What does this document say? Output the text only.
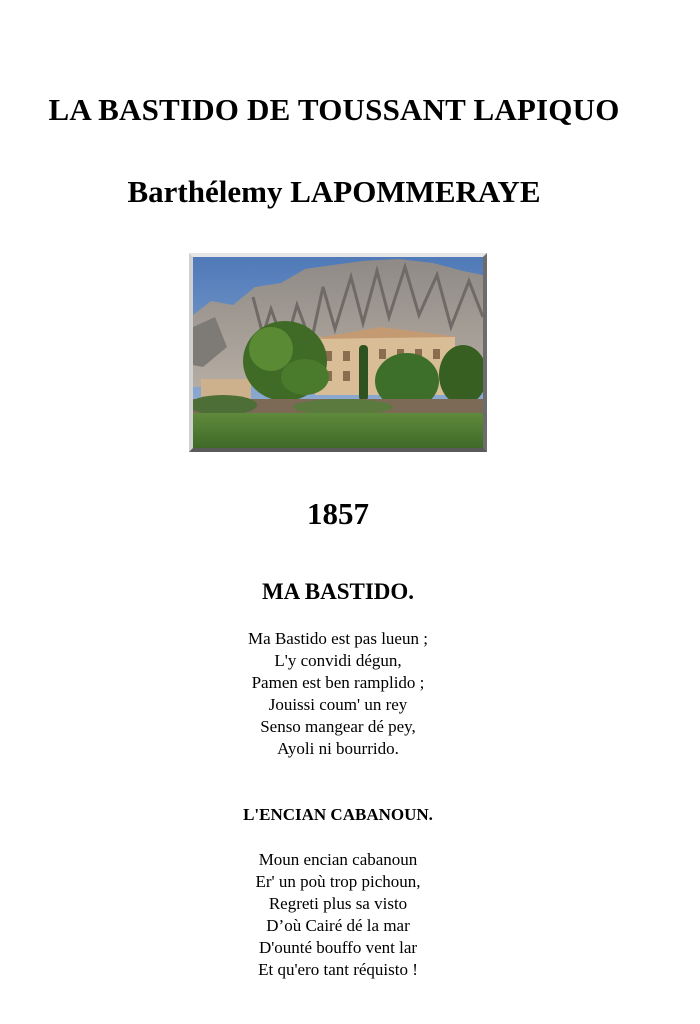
LA BASTIDO DE TOUSSANT LAPIQUO
Barthélemy LAPOMMERAYE
1857
MA BASTIDO.
Ma Bastido est pas lueun ;
L'y convidi dégun,
Pamen est ben ramplido ;
Jouissi coum' un rey
Senso mangear dé pey,
Ayoli ni bourrido.
L'ENCIAN CABANOUN.
Moun encian cabanoun
Er' un poù trop pichoun,
Regreti plus sa visto
D’où Cairé dé la mar
D'ounté bouffo vent lar
Et qu'ero tant réquisto !
